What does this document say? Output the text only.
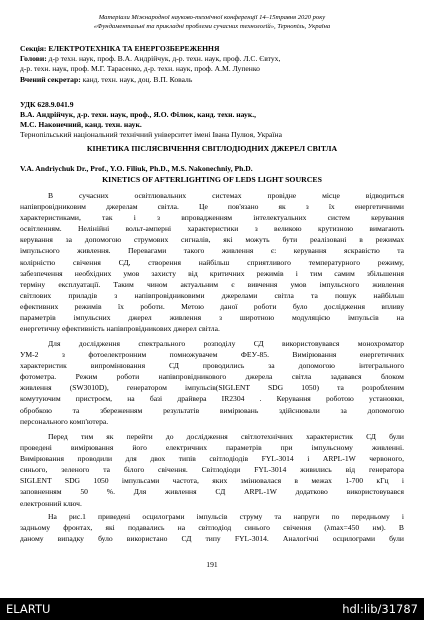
Матеріали Міжнародної науково-технічної конференції 14–15травня 2020 року
«Фундаментальні та прикладні проблеми сучасних технологій», Тернопіль, Україна
Секція: ЕЛЕКТРОТЕХНІКА ТА ЕНЕРГОЗБЕРЕЖЕННЯ
Голови: д-р техн. наук, проф. В.А. Андрійчук, д-р. техн. наук, проф. Л.С. Євтух,
д-р. техн. наук, проф. М.Г. Тарасенко, д-р. техн. наук, проф. А.М. Лупенко
Вчений секретар: канд. техн. наук, доц. В.П. Коваль
УДК 628.9.041.9
В.А. Андрійчук, д-р. техн. наук, проф., Я.О. Філюк, канд. техн. наук.,
М.С. Наконечний, канд. техн. наук.
Тернопільський національний технічний університет імені Івана Пулюя, Україна
КІНЕТИКА ПІСЛЯСВІЧЕННЯ СВІТЛОДІОДНИХ ДЖЕРЕЛ СВІТЛА
V.A. Andriychuk Dr., Prof., Y.O. Filiuk, Ph.D., M.S. Nakonechniy, Ph.D.
KINETICS OF AFTERLIGHTING OF LEDS LIGHT SOURCES
В сучасних освітлювальних системах провідне місце відводиться
напівпровідниковим джерелам світла. Це пов'язано як з їх енергетичними
характеристиками, так і з впровадженням інтелектуальних систем керування
освітленням. Нелінійні вольт-амперні характеристики з великою крутизною вимагають
керування за допомогою струмових сигналів, які можуть бути реалізовані в режимах
імпульсного живлення. Перевагами такого живлення є: керування яскравістю та
колірністю свічення СД, створення найбільш сприятливого температурного режиму,
забезпечення необхідних умов захисту від критичних режимів і тим самим збільшення
терміну експлуатації. Таким чином актуальним є вивчення умов імпульсного живлення
світлових приладів з напівпровідниковими джерелами світла та пошук найбільш
ефективних режимів їх роботи. Метою даної роботи було дослідження впливу
параметрів імпульсних джерел живлення з широтною модуляцією імпульсів на
енергетичну ефективність напівпровідникових джерел світла.
Для дослідження спектрального розподілу СД використовувався монохроматор
УМ-2 з фотоелектронним помножувачем ФЕУ-85. Вимірювання енергетичних
характеристик випромінювання СД проводились за допомогою інтегрального
фотометра. Режим роботи напівпровідникового джерела світла задавався блоком
живлення (SW3010D), генератором імпульсів(SIGLENT SDG 1050) та розробленим
комутуючим пристроєм, на базі драйвера IR2304 . Керування роботою установки,
обробкою та збереженням результатів вимірювань здійснювали за допомогою
персонального комп'ютера.
Перед тим як перейти до дослідження світлотехнічних характеристик СД були
проведені вимірювання його електричних параметрів при імпульсному живленні.
Вимірювання проводили для двох типів світлодіодів FYL-3014 і ARPL-1W червоного,
синього, зеленого та білого свічення. Світлодіоди FYL-3014 живились від генератора
SIGLENT SDG 1050 імпульсами частота, яких змінювалася в межах 1-700 кГц і
заповненням 50 %. Для живлення СД ARPL-1W додатково використовувався
електронний ключ.
На рис.1 приведені осцилограми імпульсів струму та напруги по передньому і
задньому фронтах, які подавались на світлодіод синього свічення (λmax=450 нм). В
даному випадку було використано СД типу FYL-3014. Аналогічні осцилограми були
191
ELARTU	hdl:lib/31787
